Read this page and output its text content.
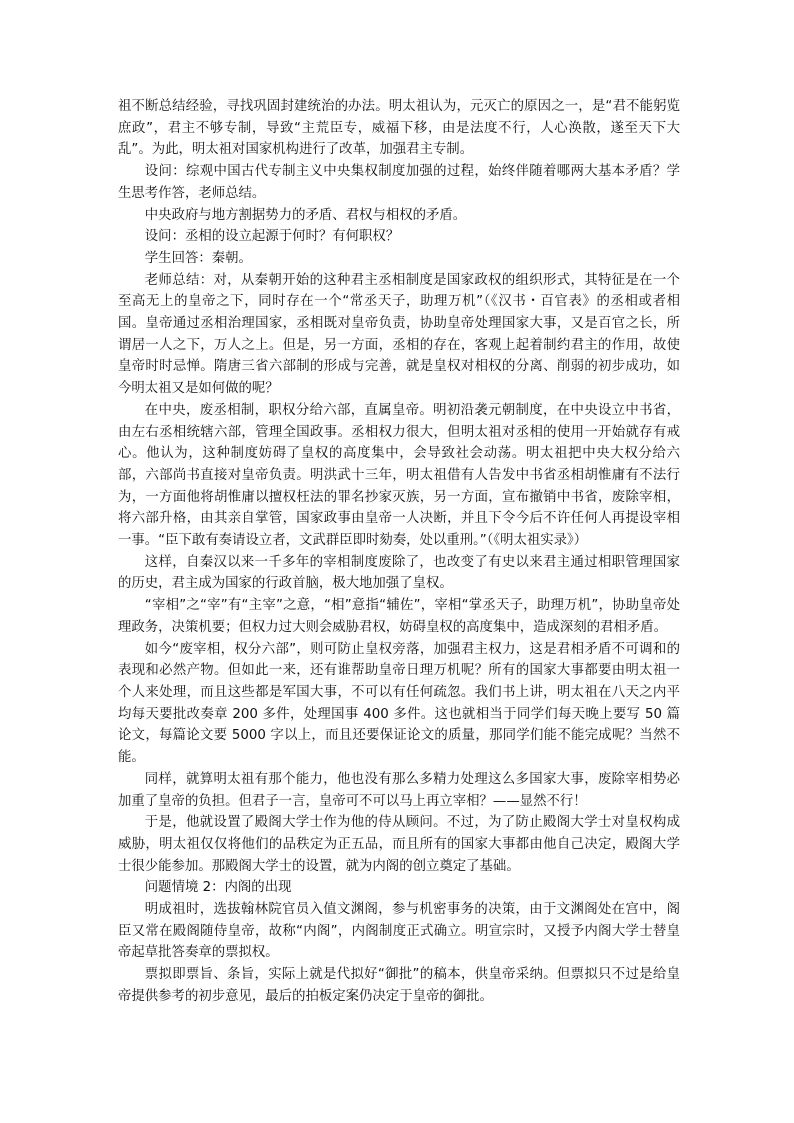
祖不断总结经验，寻找巩固封建统治的办法。明太祖认为，元灭亡的原因之一，是“君不能躬览庶政”，君主不够专制，导致“主荒臣专，威福下移，由是法度不行，人心涣散，遂至天下大乱”。为此，明太祖对国家机构进行了改革，加强君主专制。

设问：综观中国古代专制主义中央集权制度加强的过程，始终伴随着哪两大基本矛盾？学生思考作答，老师总结。

中央政府与地方割据势力的矛盾、君权与相权的矛盾。

设问：丞相的设立起源于何时？有何职权？

学生回答：秦朝。

老师总结：对，从秦朝开始的这种君主丞相制度是国家政权的组织形式，其特征是在一个至高无上的皇帝之下，同时存在一个“常丞天子，助理万机”（《汉书・百官表》的丞相或者相国。皇帝通过丞相治理国家，丞相既对皇帝负责，协助皇帝处理国家大事，又是百官之长，所谓居一人之下，万人之上。但是，另一方面，丞相的存在，客观上起着制约君主的作用，故使皇帝时时忌惮。隋唐三省六部制的形成与完善，就是皇权对相权的分离、削弱的初步成功，如今明太祖又是如何做的呢？

在中央，废丞相制，职权分给六部，直属皇帝。明初沿袭元朝制度，在中央设立中书省，由左右丞相统辖六部，管理全国政事。丞相权力很大，但明太祖对丞相的使用一开始就存有戒心。他认为，这种制度妨碍了皇权的高度集中，会导致社会动荡。明太祖把中央大权分给六部，六部尚书直接对皇帝负责。明洪武十三年，明太祖借有人告发中书省丞相胡惟庸有不法行为，一方面他将胡惟庸以擅权枉法的罪名抄家灭族，另一方面，宣布撤销中书省，废除宰相，将六部升格，由其亲自掌管，国家政事由皇帝一人决断，并且下令今后不许任何人再提设宰相一事。“臣下敢有奏请设立者，文武群臣即时劾奏，处以重刑。”（《明太祖实录》）

这样，自秦汉以来一千多年的宰相制度废除了，也改变了有史以来君主通过相职管理国家的历史，君主成为国家的行政首脑，极大地加强了皇权。

“宰相”之“宰”有“主宰”之意，“相”意指“辅佐”，宰相“掌丞天子，助理万机”，协助皇帝处理政务，决策机要；但权力过大则会威胁君权，妨碍皇权的高度集中，造成深刻的君相矛盾。

如今“废宰相，权分六部”，则可防止皇权旁落，加强君主权力，这是君相矛盾不可调和的表现和必然产物。但如此一来，还有谁帮助皇帝日理万机呢？所有的国家大事都要由明太祖一个人来处理，而且这些都是军国大事，不可以有任何疏忽。我们书上讲，明太祖在八天之内平均每天要批改奏章 200 多件，处理国事 400 多件。这也就相当于同学们每天晚上要写 50 篇论文，每篇论文要 5000 字以上，而且还要保证论文的质量，那同学们能不能完成呢？当然不能。

同样，就算明太祖有那个能力，他也没有那么多精力处理这么多国家大事，废除宰相势必加重了皇帝的负担。但君子一言，皇帝可不可以马上再立宰相？——显然不行！

于是，他就设置了殿阁大学士作为他的侍从顾问。不过，为了防止殿阁大学士对皇权构成威胁，明太祖仅仅将他们的品秩定为正五品，而且所有的国家大事都由他自己决定，殿阁大学士很少能参加。那殿阁大学士的设置，就为内阁的创立奠定了基础。

问题情境 2：内阁的出现

明成祖时，选拔翰林院官员入值文渊阁，参与机密事务的决策，由于文渊阁处在宫中，阁臣又常在殿阁随侍皇帝，故称“内阁”，内阁制度正式确立。明宣宗时，又授予内阁大学士替皇帝起草批答奏章的票拟权。

票拟即票旨、条旨，实际上就是代拟好“御批”的稿本，供皇帝采纳。但票拟只不过是给皇帝提供参考的初步意见，最后的拍板定案仍决定于皇帝的御批。
